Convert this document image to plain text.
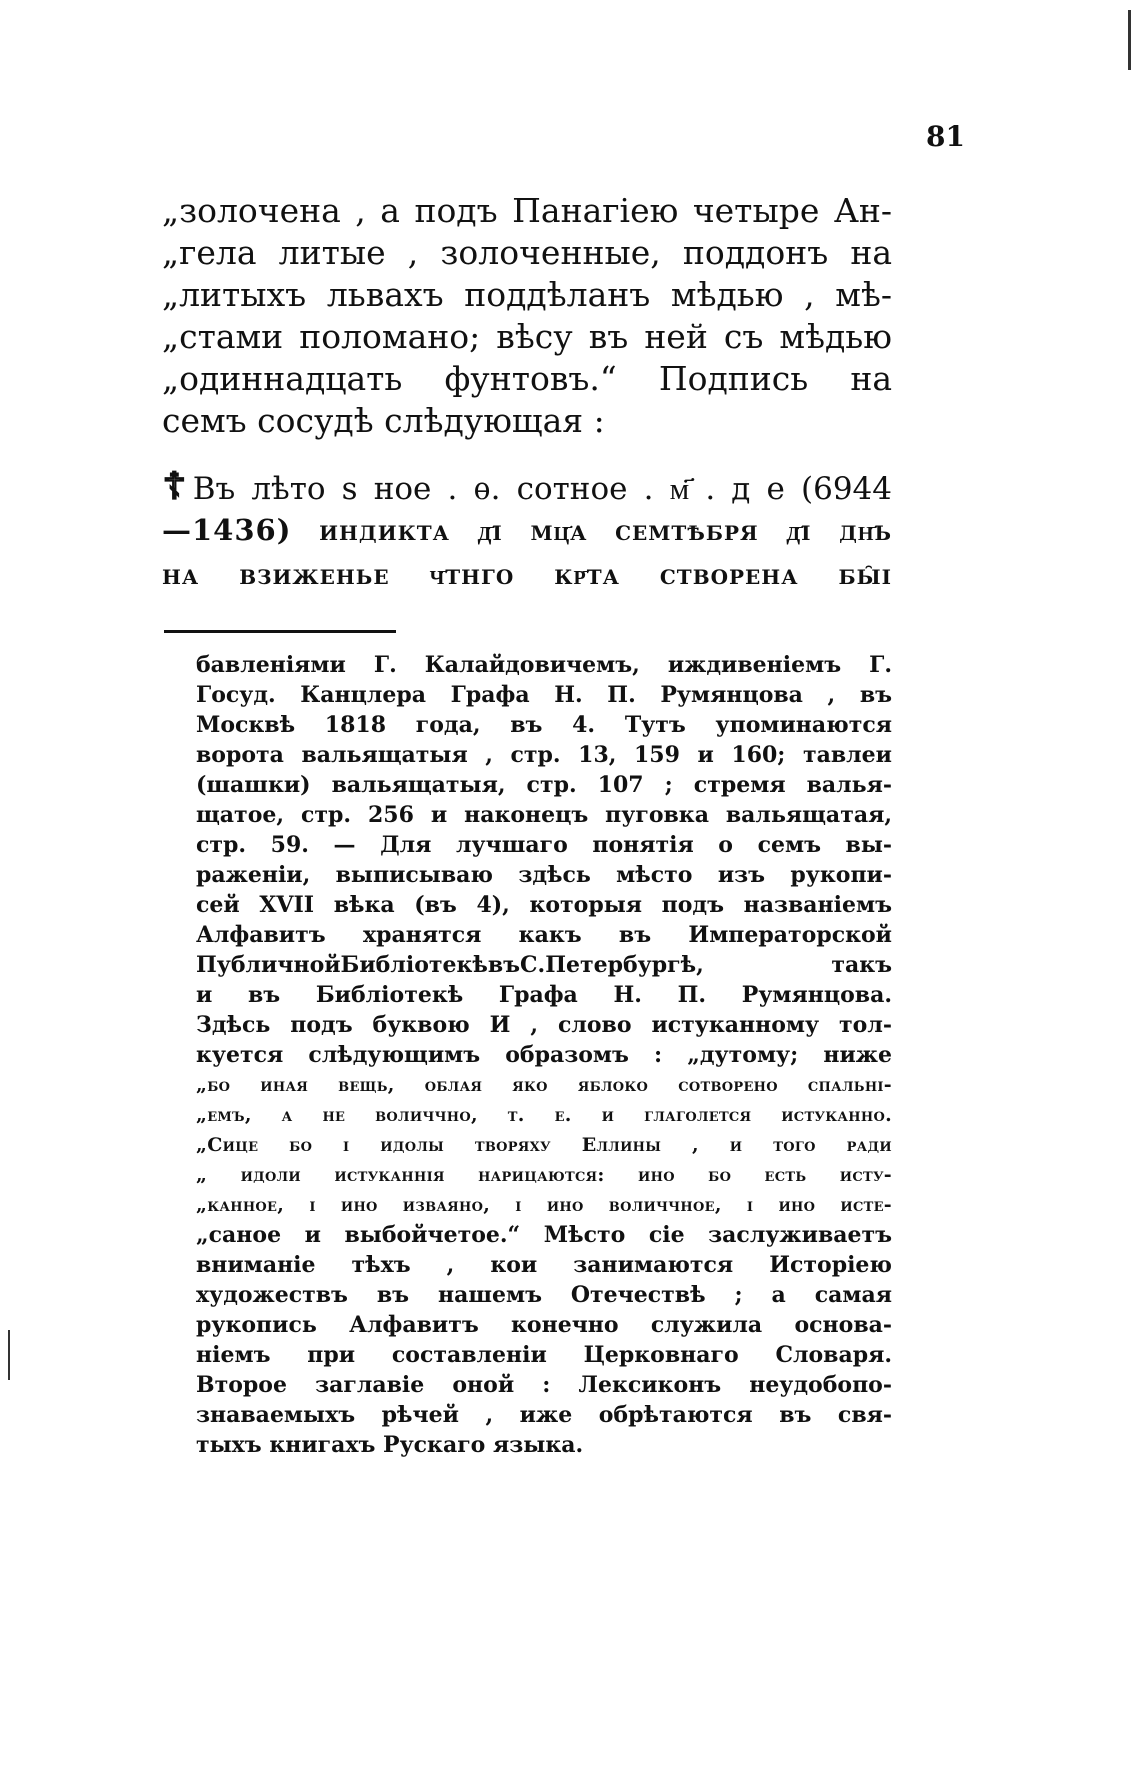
81
„золочена , а подъ Панагіею четыре Ан-
„гела литые , золоченные, поддонъ на
„литыхъ львахъ поддѣланъ мѣдью , мѣ-
„стами поломано; вѣсу въ ней съ мѣдью
„одиннадцать фунтовъ.“ Подпись на
семъ сосудѣ слѣдующая :
☦ Въ лѣто ѕ ное . ѳ. сотное . м҃ . д е (6944
—1436) индикта д҃і мц҃а семтѣбря д҃і дн҃ь
на взиженье ч҃тнго кр҃та створена бы̑і
бавленіями Г. Калайдовичемъ, иждивеніемъ Г.
Госуд. Канцлера Графа Н. П. Румянцова , въ
Москвѣ 1818 года, въ 4. Тутъ упоминаются
ворота вальящатыя , стр. 13, 159 и 160; тавлеи
(шашки) вальящатыя, стр. 107 ; стремя валья-
щатое, стр. 256 и наконецъ пуговка вальящатая,
стр. 59. — Для лучшаго понятія о семъ вы-
раженіи, выписываю здѣсь мѣсто изъ рукопи-
сей XVII вѣка (въ 4), которыя подъ названіемъ
Алфавитъ хранятся какъ въ Императорской
ПубличнойБибліотекѣвъС.Петербургѣ, такъ
и въ Библіотекѣ Графа Н. П. Румянцова.
Здѣсь подъ буквою И , слово истуканному тол-
куется слѣдующимъ образомъ : „дутому; ниже
„бо иная вещь, облая яко яблоко сотворено спальні-
„емъ, а не воличчно, т. е. и глаголется истуканно.
„Сице бо і идолы творяху Еллины , и того ради
„ идоли истуканнія нарицаются: ино бо есть исту-
„канное, і ино изваяно, і ино воличчное, і ино исте-
„саное и выбойчетое.“ Мѣсто сіе заслуживаетъ
вниманіе тѣхъ , кои занимаются Исторіею
художествъ въ нашемъ Отечествѣ ; а самая
рукопись Алфавитъ конечно служила основа-
ніемъ при составленіи Церковнаго Словаря.
Второе заглавіе оной : Лексиконъ неудобопо-
знаваемыхъ рѣчей , иже обрѣтаются въ свя-
тыхъ книгахъ Рускаго языка.
